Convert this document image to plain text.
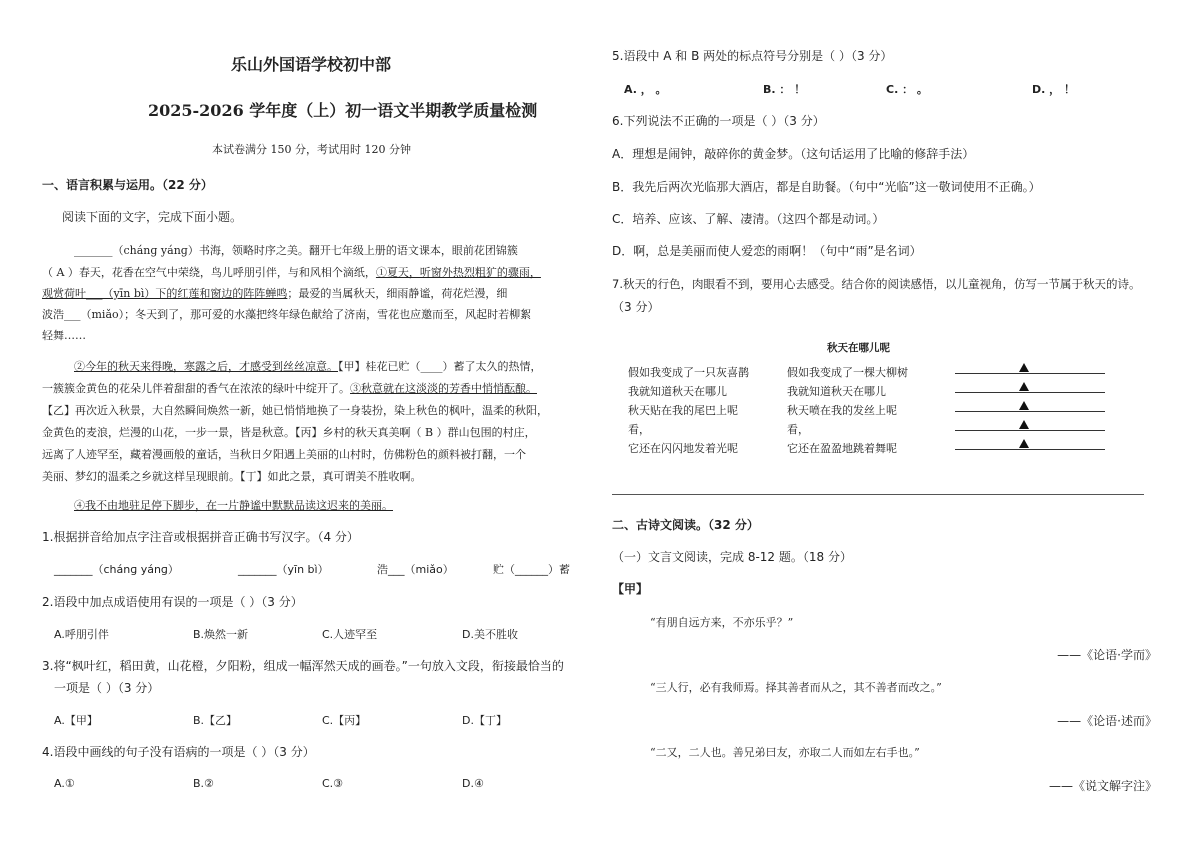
乐山外国语学校初中部
2025-2026 学年度（上）初一语文半期教学质量检测
本试卷满分 150 分，考试用时 120 分钟
一、语言积累与运用。（22 分）
阅读下面的文字，完成下面小题。
_______（chánɡ yánɡ）书海，领略时序之美。翻开七年级上册的语文课本，眼前花团锦簇
（ A ）春天，花香在空气中荣绕，鸟儿呼朋引伴，与和风相个滴纸，①夏天，听窗外热烈粗犷的骤雨，
观赏荷叶___（yīn bì）下的红莲和窗边的阵阵蝉鸣；最爱的当属秋天，细雨静谧，荷花烂漫，细
波浩___（miǎo）；冬天到了，那可爱的水藻把终年绿色献给了济南，雪花也应邀而至，风起时若柳絮
轻舞……
②今年的秋天来得晚，寒露之后，才感受到丝丝凉意。【甲】桂花已贮（____）蓄了太久的热情，
一簇簇金黄色的花朵儿伴着甜甜的香气在浓浓的绿叶中绽开了。③秋意就在这淡淡的芳香中悄悄酝酿。
【乙】再次近入秋景，大自然瞬间焕然一新，她已悄悄地换了一身装扮，染上秋色的枫叶，温柔的秋阳，
金黄色的麦浪，烂漫的山花，一步一景，皆是秋意。【丙】乡村的秋天真美啊（ B ）群山包围的村庄，
远离了人迹罕至，藏着漫画般的童话，当秋日夕阳遇上美丽的山村时，仿佛粉色的颜料被打翻，一个
美丽、梦幻的温柔之乡就这样呈现眼前。【丁】如此之景，真可谓美不胜收啊。
④我不由地驻足停下脚步，在一片静谧中默默品读这迟来的美丽。
1.根据拼音给加点字注音或根据拼音正确书写汉字。（4 分）
_______（chánɡ yánɡ）	_______（yīn bì）	浩___（miǎo）	贮（______）蓄
2.语段中加点成语使用有误的一项是（ ）（3 分）
A.呼朋引伴	B.焕然一新	C.人迹罕至	D.美不胜收
3.将“枫叶红，稻田黄，山花橙，夕阳粉，组成一幅浑然天成的画卷。”一句放入文段，衔接最恰当的
一项是（ ）（3 分）
A.【甲】	B.【乙】	C.【丙】	D.【丁】
4.语段中画线的句子没有语病的一项是（ ）（3 分）
A.①	B.②	C.③	D.④
5.语段中 A 和 B 两处的标点符号分别是（ ）（3 分）
A. ， 。	B. ： ！	C. ： 。	D. ， ！
6.下列说法不正确的一项是（ ）（3 分）
A．理想是闹钟，敲碎你的黄金梦。（这句话运用了比喻的修辞手法）
B．我先后两次光临那大酒店，都是自助餐。（句中“光临”这一敬词使用不正确。）
C．培养、应该、了解、凄清。（这四个都是动词。）
D．啊，总是美丽而使人爱恋的雨啊！（句中“雨”是名词）
7.秋天的行色，肉眼看不到，要用心去感受。结合你的阅读感悟，以儿童视角，仿写一节属于秋天的诗。
（3 分）
秋天在哪儿呢
假如我变成了一只灰喜鹊
我就知道秋天在哪儿
秋天贴在我的尾巴上呢
看，
它还在闪闪地发着光呢
假如我变成了一棵大柳树
我就知道秋天在哪儿
秋天喷在我的发丝上呢
看，
它还在盈盈地跳着舞呢
二、古诗文阅读。（32 分）
（一）文言文阅读，完成 8-12 题。（18 分）
【甲】
“有朋自远方来，不亦乐乎？”
——《论语·学而》
“三人行，必有我师焉。择其善者而从之，其不善者而改之。”
——《论语·述而》
“二又，二人也。善兄弟曰友，亦取二人而如左右手也。”
——《说文解字注》
